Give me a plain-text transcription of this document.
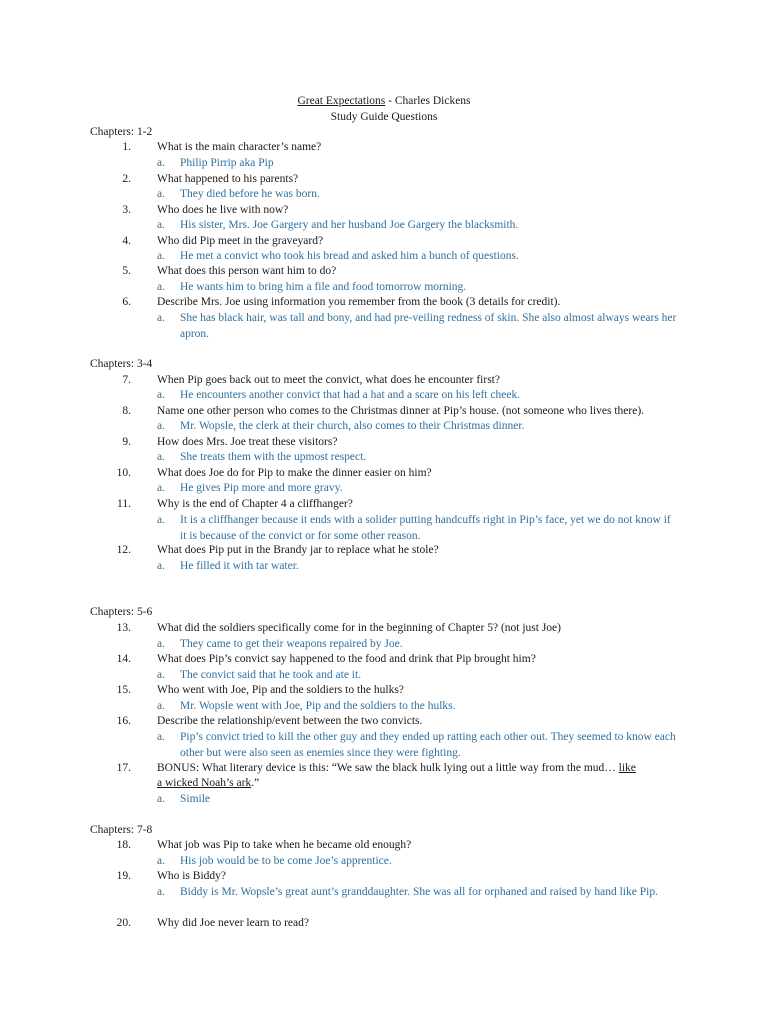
Great Expectations - Charles Dickens
Study Guide Questions
Chapters: 1-2
1. What is the main character’s name?
a. Philip Pirrip aka Pip
2. What happened to his parents?
a. They died before he was born.
3. Who does he live with now?
a. His sister, Mrs. Joe Gargery and her husband Joe Gargery the blacksmith.
4. Who did Pip meet in the graveyard?
a. He met a convict who took his bread and asked him a bunch of questions.
5. What does this person want him to do?
a. He wants him to bring him a file and food tomorrow morning.
6. Describe Mrs. Joe using information you remember from the book (3 details for credit).
a. She has black hair, was tall and bony, and had pre-veiling redness of skin. She also almost always wears her apron.
Chapters: 3-4
7. When Pip goes back out to meet the convict, what does he encounter first?
a. He encounters another convict that had a hat and a scare on his left cheek.
8. Name one other person who comes to the Christmas dinner at Pip’s house. (not someone who lives there).
a. Mr. Wopsle, the clerk at their church, also comes to their Christmas dinner.
9. How does Mrs. Joe treat these visitors?
a. She treats them with the upmost respect.
10. What does Joe do for Pip to make the dinner easier on him?
a. He gives Pip more and more gravy.
11. Why is the end of Chapter 4 a cliffhanger?
a. It is a cliffhanger because it ends with a solider putting handcuffs right in Pip’s face, yet we do not know if it is because of the convict or for some other reason.
12. What does Pip put in the Brandy jar to replace what he stole?
a. He filled it with tar water.
Chapters: 5-6
13. What did the soldiers specifically come for in the beginning of Chapter 5? (not just Joe)
a. They came to get their weapons repaired by Joe.
14. What does Pip’s convict say happened to the food and drink that Pip brought him?
a. The convict said that he took and ate it.
15. Who went with Joe, Pip and the soldiers to the hulks?
a. Mr. Wopsle went with Joe, Pip and the soldiers to the hulks.
16. Describe the relationship/event between the two convicts.
a. Pip’s convict tried to kill the other guy and they ended up ratting each other out. They seemed to know each other but were also seen as enemies since they were fighting.
17. BONUS: What literary device is this: “We saw the black hulk lying out a little way from the mud… like
a wicked Noah’s ark.”
a. Simile
Chapters: 7-8
18. What job was Pip to take when he became old enough?
a. His job would be to be come Joe’s apprentice.
19. Who is Biddy?
a. Biddy is Mr. Wopsle’s great aunt’s granddaughter. She was all for orphaned and raised by hand like Pip.
20. Why did Joe never learn to read?
